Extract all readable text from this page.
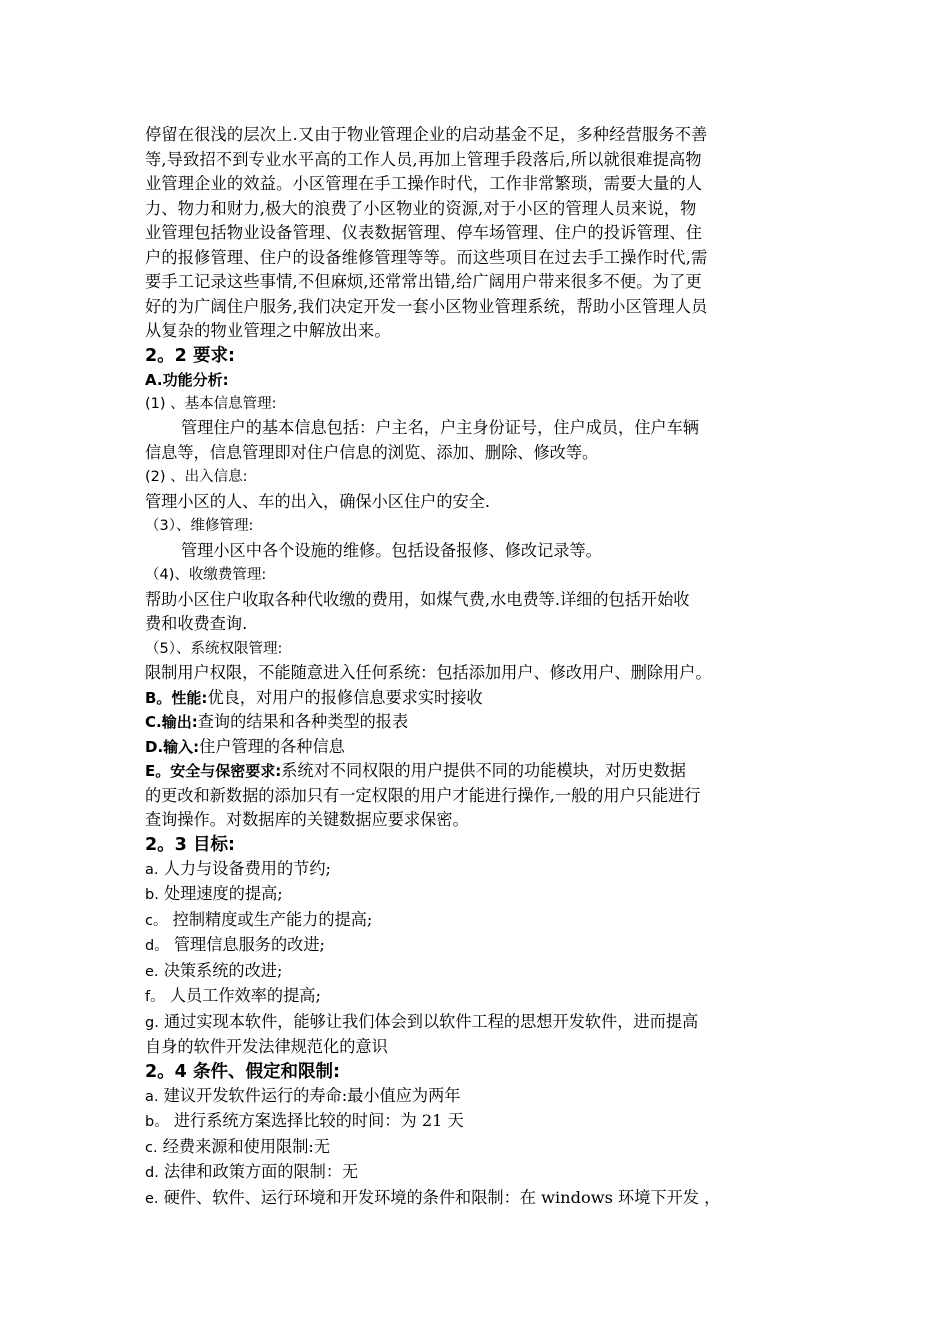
停留在很浅的层次上.又由于物业管理企业的启动基金不足，多种经营服务不善
等,导致招不到专业水平高的工作人员,再加上管理手段落后,所以就很难提高物
业管理企业的效益。小区管理在手工操作时代，工作非常繁琐，需要大量的人
力、物力和财力,极大的浪费了小区物业的资源,对于小区的管理人员来说，物
业管理包括物业设备管理、仪表数据管理、停车场管理、住户的投诉管理、住
户的报修管理、住户的设备维修管理等等。而这些项目在过去手工操作时代,需
要手工记录这些事情,不但麻烦,还常常出错,给广阔用户带来很多不便。为了更
好的为广阔住户服务,我们决定开发一套小区物业管理系统，帮助小区管理人员
从复杂的物业管理之中解放出来。
2。2 要求:
A.功能分析:
(1) 、基本信息管理:
管理住户的基本信息包括：户主名，户主身份证号，住户成员，住户车辆
信息等，信息管理即对住户信息的浏览、添加、删除、修改等。
(2) 、出入信息:
管理小区的人、车的出入，确保小区住户的安全.
（3）、维修管理:
管理小区中各个设施的维修。包括设备报修、修改记录等。
（4)、收缴费管理:
帮助小区住户收取各种代收缴的费用，如煤气费,水电费等.详细的包括开始收
费和收费查询.
（5）、系统权限管理:
限制用户权限，不能随意进入任何系统：包括添加用户、修改用户、删除用户。
B。性能:优良，对用户的报修信息要求实时接收
C.输出:查询的结果和各种类型的报表
D.输入:住户管理的各种信息
E。安全与保密要求:系统对不同权限的用户提供不同的功能模块，对历史数据
的更改和新数据的添加只有一定权限的用户才能进行操作,一般的用户只能进行
查询操作。对数据库的关键数据应要求保密。
2。3 目标:
a. 人力与设备费用的节约;
b. 处理速度的提高;
c。 控制精度或生产能力的提高;
d。 管理信息服务的改进;
e. 决策系统的改进;
f。 人员工作效率的提高;
g. 通过实现本软件，能够让我们体会到以软件工程的思想开发软件，进而提高
自身的软件开发法律规范化的意识
2。4 条件、假定和限制:
a. 建议开发软件运行的寿命:最小值应为两年
b。 进行系统方案选择比较的时间：为 21 天
c. 经费来源和使用限制:无
d. 法律和政策方面的限制：无
e. 硬件、软件、运行环境和开发环境的条件和限制：在 windows 环境下开发 ，
